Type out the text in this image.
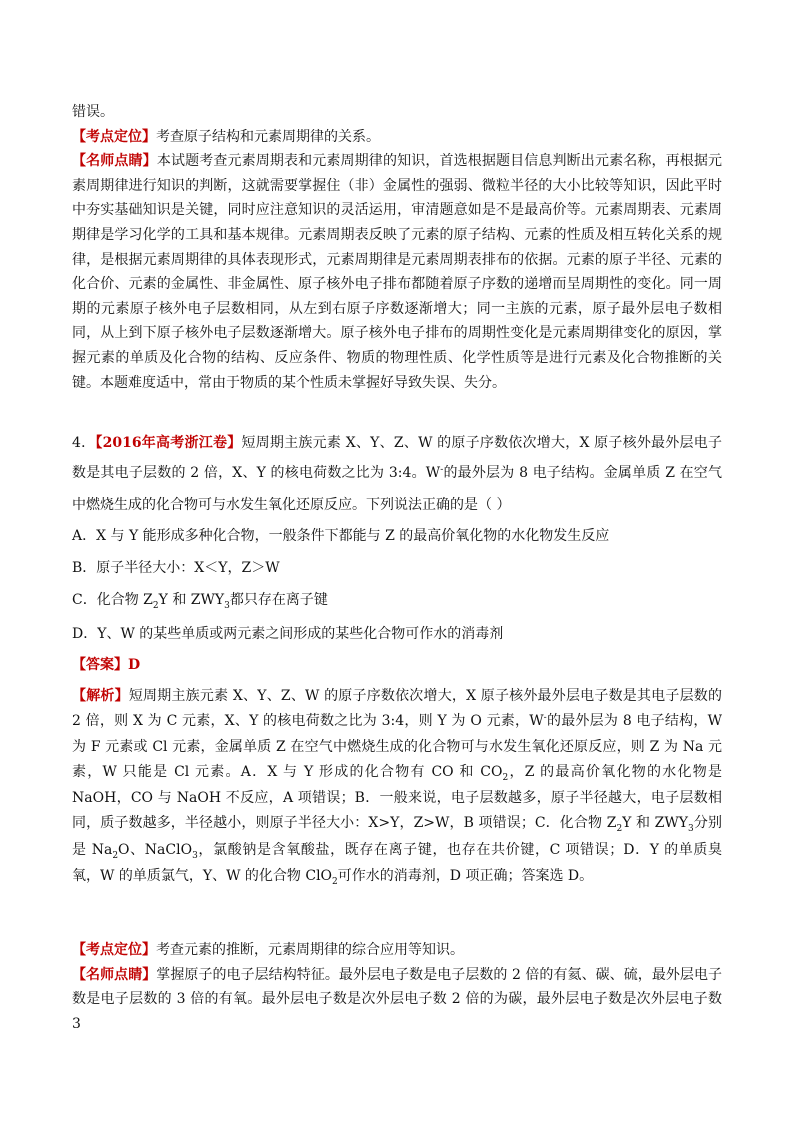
错误。

【考点定位】考查原子结构和元素周期律的关系。

【名师点睛】本试题考查元素周期表和元素周期律的知识，首选根据题目信息判断出元素名称，再根据元素周期律进行知识的判断，这就需要掌握住（非）金属性的强弱、微粒半径的大小比较等知识，因此平时中夯实基础知识是关键，同时应注意知识的灵活运用，审清题意如是不是最高价等。元素周期表、元素周期律是学习化学的工具和基本规律。元素周期表反映了元素的原子结构、元素的性质及相互转化关系的规律，是根据元素周期律的具体表现形式，元素周期律是元素周期表排布的依据。元素的原子半径、元素的化合价、元素的金属性、非金属性、原子核外电子排布都随着原子序数的递增而呈周期性的变化。同一周期的元素原子核外电子层数相同，从左到右原子序数逐渐增大；同一主族的元素，原子最外层电子数相同，从上到下原子核外电子层数逐渐增大。原子核外电子排布的周期性变化是元素周期律变化的原因，掌握元素的单质及化合物的结构、反应条件、物质的物理性质、化学性质等是进行元素及化合物推断的关键。本题难度适中，常由于物质的某个性质未掌握好导致失误、失分。

4．【2016年高考浙江卷】短周期主族元素 X、Y、Z、W 的原子序数依次增大，X 原子核外最外层电子数是其电子层数的 2 倍，X、Y 的核电荷数之比为 3:4。W-的最外层为 8 电子结构。金属单质 Z 在空气中燃烧生成的化合物可与水发生氧化还原反应。下列说法正确的是（ ）

A．X 与 Y 能形成多种化合物，一般条件下都能与 Z 的最高价氧化物的水化物发生反应

B．原子半径大小：X＜Y，Z＞W

C．化合物 $Z_2Y$ 和 $ZWY_3$都只存在离子键

D．Y、W 的某些单质或两元素之间形成的某些化合物可作水的消毒剂

【答案】D

【解析】短周期主族元素 X、Y、Z、W 的原子序数依次增大，X 原子核外最外层电子数是其电子层数的 2 倍，则 X 为 C 元素，X、Y 的核电荷数之比为 3:4，则 Y 为 O 元素，W-的最外层为 8 电子结构，W 为 F 元素或 Cl 元素，金属单质 Z 在空气中燃烧生成的化合物可与水发生氧化还原反应，则 Z 为 Na 元素，W 只能是 Cl 元素。A．X 与 Y 形成的化合物有 CO 和 $CO_2$，Z 的最高价氧化物的水化物是 NaOH，CO 与 NaOH 不反应，A 项错误；B．一般来说，电子层数越多，原子半径越大，电子层数相同，质子数越多，半径越小，则原子半径大小：X>Y，Z>W，B 项错误；C．化合物 $Z_2Y$ 和 $ZWY_3$分别是 $Na_2O$、NaClO$_3$，氯酸钠是含氧酸盐，既存在离子键，也存在共价键，C 项错误；D．Y 的单质臭氧，W 的单质氯气，Y、W 的化合物 ClO$_2$可作水的消毒剂，D 项正确；答案选 D。

【考点定位】考查元素的推断，元素周期律的综合应用等知识。

【名师点睛】掌握原子的电子层结构特征。最外层电子数是电子层数的 2 倍的有氦、碳、硫，最外层电子数是电子层数的 3 倍的有氧。最外层电子数是次外层电子数 2 倍的为碳，最外层电子数是次外层电子数 3
